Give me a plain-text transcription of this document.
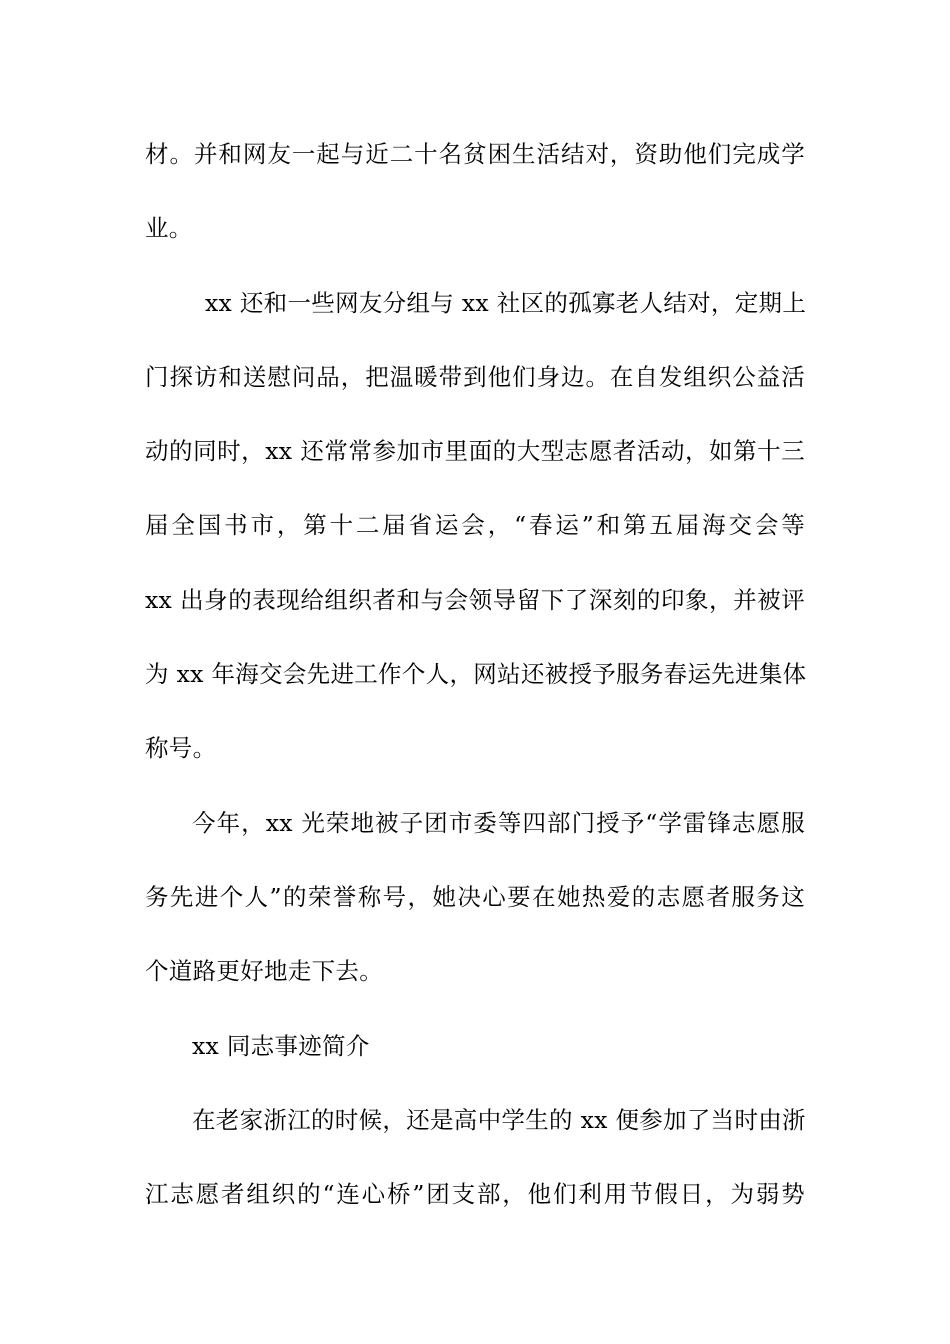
材。并和网友一起与近二十名贫困生活结对，资助他们完成学
业。
xx 还和一些网友分组与 xx 社区的孤寡老人结对，定期上
门探访和送慰问品，把温暖带到他们身边。在自发组织公益活
动的同时，xx 还常常参加市里面的大型志愿者活动，如第十三
届全国书市，第十二届省运会，“春运”和第五届海交会等
xx 出身的表现给组织者和与会领导留下了深刻的印象，并被评
为 xx 年海交会先进工作个人，网站还被授予服务春运先进集体
称号。
今年，xx 光荣地被子团市委等四部门授予“学雷锋志愿服
务先进个人”的荣誉称号，她决心要在她热爱的志愿者服务这
个道路更好地走下去。
xx 同志事迹简介
在老家浙江的时候，还是高中学生的 xx 便参加了当时由浙
江志愿者组织的“连心桥”团支部，他们利用节假日，为弱势
